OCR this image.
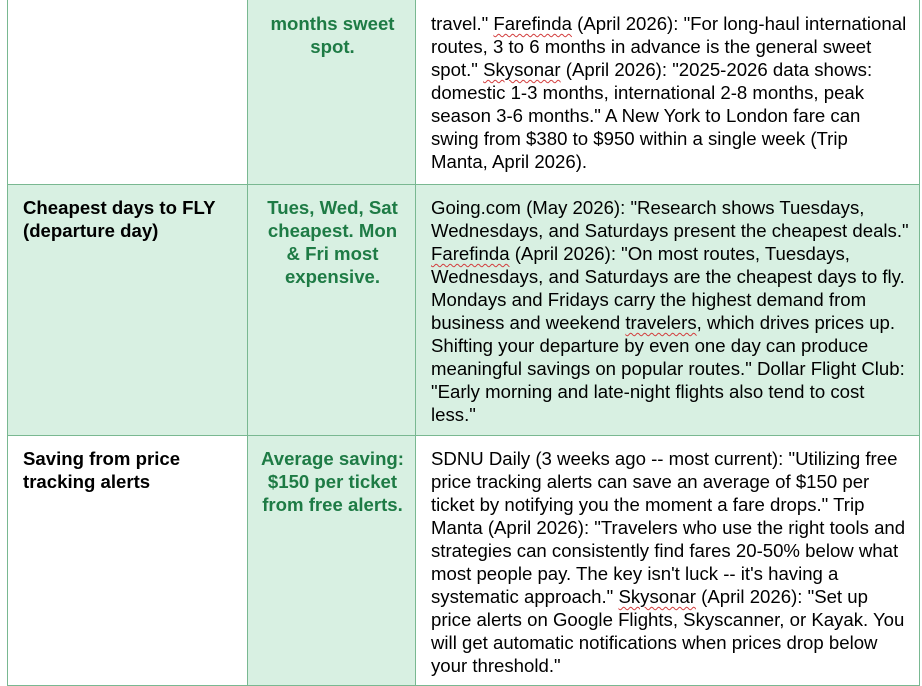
	months sweet spot.	travel." Farefinda (April 2026): "For long-haul international routes, 3 to 6 months in advance is the general sweet spot." Skysonar (April 2026): "2025-2026 data shows: domestic 1-3 months, international 2-8 months, peak season 3-6 months." A New York to London fare can swing from $380 to $950 within a single week (Trip Manta, April 2026).
Cheapest days to FLY (departure day)	Tues, Wed, Sat cheapest. Mon & Fri most expensive.	Going.com (May 2026): "Research shows Tuesdays, Wednesdays, and Saturdays present the cheapest deals." Farefinda (April 2026): "On most routes, Tuesdays, Wednesdays, and Saturdays are the cheapest days to fly. Mondays and Fridays carry the highest demand from business and weekend travelers, which drives prices up. Shifting your departure by even one day can produce meaningful savings on popular routes." Dollar Flight Club: "Early morning and late-night flights also tend to cost less."
Saving from price tracking alerts	Average saving: $150 per ticket from free alerts.	SDNU Daily (3 weeks ago -- most current): "Utilizing free price tracking alerts can save an average of $150 per ticket by notifying you the moment a fare drops." Trip Manta (April 2026): "Travelers who use the right tools and strategies can consistently find fares 20-50% below what most people pay. The key isn't luck -- it's having a systematic approach." Skysonar (April 2026): "Set up price alerts on Google Flights, Skyscanner, or Kayak. You will get automatic notifications when prices drop below your threshold."
